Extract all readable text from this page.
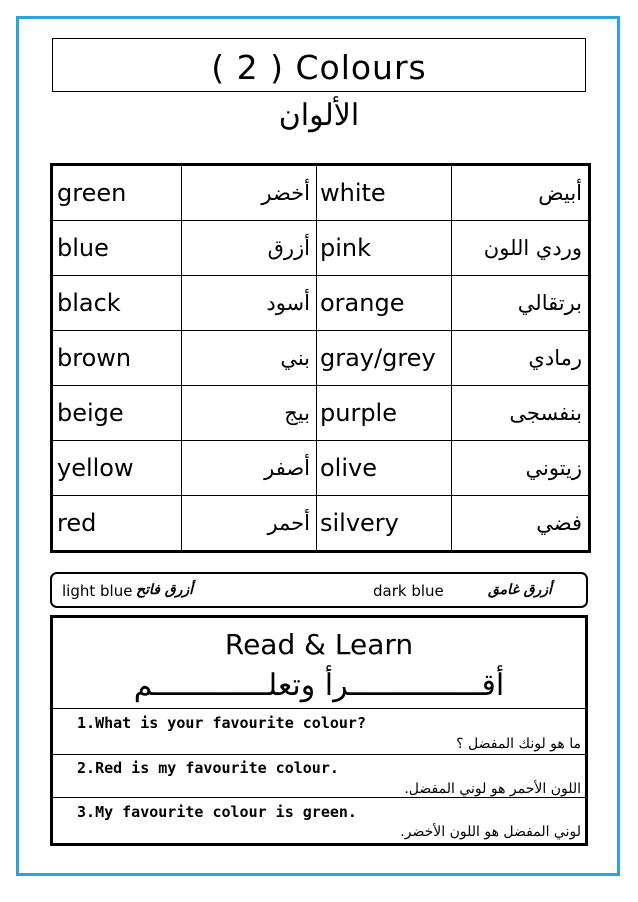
( 2 ) Colours
الألوان
green	أخضر	white	أبيض
blue	أزرق	pink	وردي اللون
black	أسود	orange	برتقالي
brown	بني	gray/grey	رمادي
beige	بيج	purple	بنفسجى
yellow	أصفر	olive	زيتوني
red	أحمر	silvery	فضي
light blue أزرق فاتح	dark blue	أزرق غامق
Read & Learn
أقـــــــــــــــرأ وتعلـــــــــــــم
1.What is your favourite colour?
ما هو لونك المفضل ؟
2.Red is my favourite colour.
اللون الأحمر هو لوني المفضل.
3.My favourite colour is green.
لوني المفضل هو اللون الأخضر.
